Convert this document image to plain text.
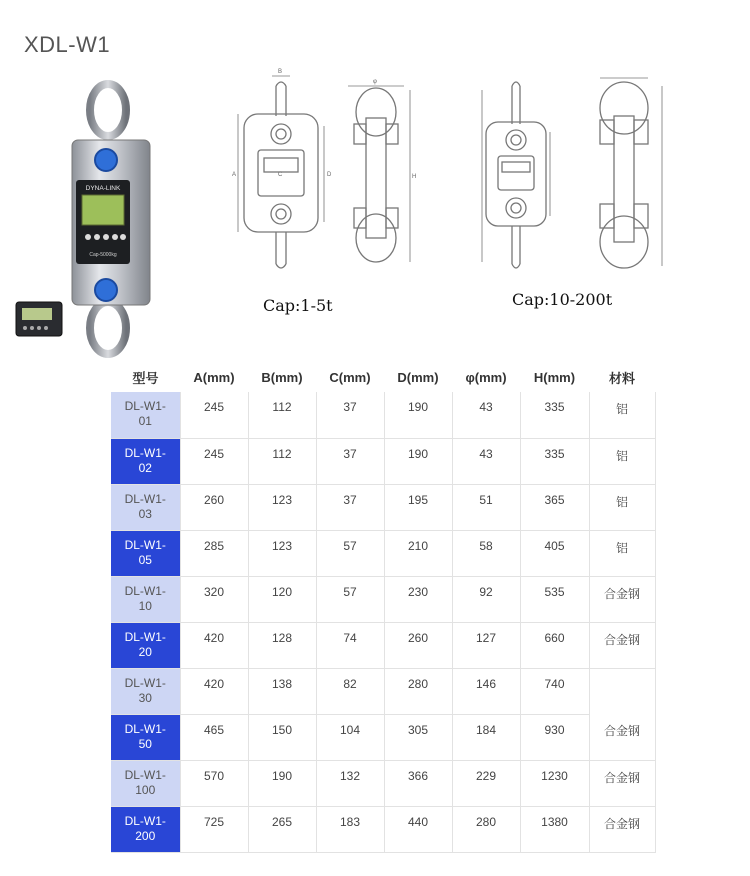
XDL-W1
DYNA-LINK
Cap-5000kg
B
A	C	D
φ
H
Cap:1-5t	Cap:10-200t
型号	A(mm)	B(mm)	C(mm)	D(mm)	φ(mm)	H(mm)	材料
DL-W1-
01	245	112	37	190	43	335	铝
DL-W1-
02	245	112	37	190	43	335	铝
DL-W1-
03	260	123	37	195	51	365	铝
DL-W1-
05	285	123	57	210	58	405	铝
DL-W1-
10	320	120	57	230	92	535	合金钢
DL-W1-
20	420	128	74	260	127	660	合金钢
DL-W1-
30	420	138	82	280	146	740	
DL-W1-
50	465	150	104	305	184	930	合金钢
DL-W1-
100	570	190	132	366	229	1230	合金钢
DL-W1-
200	725	265	183	440	280	1380	合金钢
